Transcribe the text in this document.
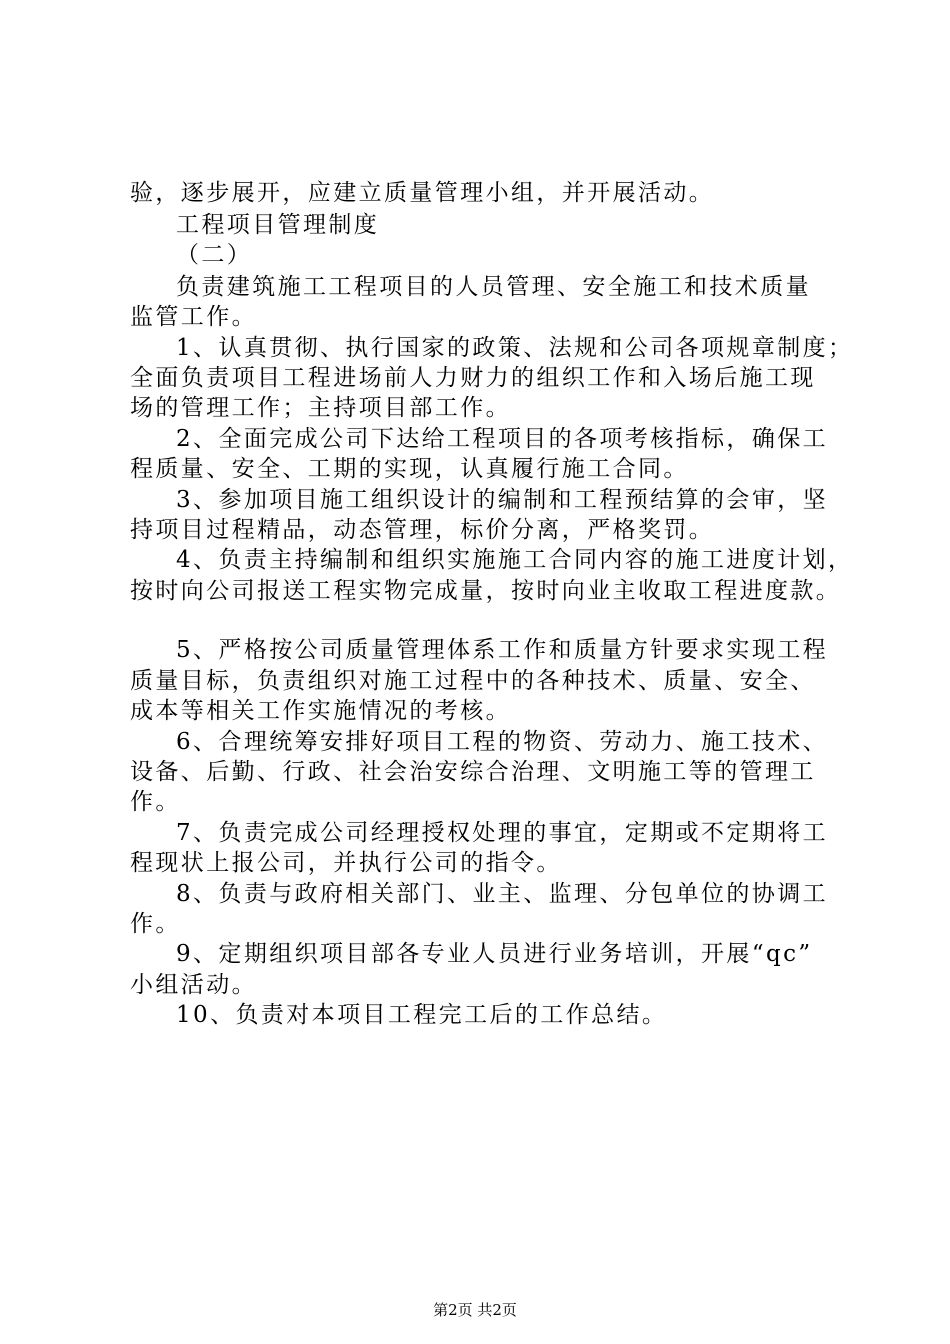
验，逐步展开，应建立质量管理小组，并开展活动。
工程项目管理制度
（二）
负责建筑施工工程项目的人员管理、安全施工和技术质量
监管工作。
1、认真贯彻、执行国家的政策、法规和公司各项规章制度；
全面负责项目工程进场前人力财力的组织工作和入场后施工现
场的管理工作；主持项目部工作。
2、全面完成公司下达给工程项目的各项考核指标，确保工
程质量、安全、工期的实现，认真履行施工合同。
3、参加项目施工组织设计的编制和工程预结算的会审，坚
持项目过程精品，动态管理，标价分离，严格奖罚。
4、负责主持编制和组织实施施工合同内容的施工进度计划，
按时向公司报送工程实物完成量，按时向业主收取工程进度款。
5、严格按公司质量管理体系工作和质量方针要求实现工程
质量目标，负责组织对施工过程中的各种技术、质量、安全、
成本等相关工作实施情况的考核。
6、合理统筹安排好项目工程的物资、劳动力、施工技术、
设备、后勤、行政、社会治安综合治理、文明施工等的管理工
作。
7、负责完成公司经理授权处理的事宜，定期或不定期将工
程现状上报公司，并执行公司的指令。
8、负责与政府相关部门、业主、监理、分包单位的协调工
作。
9、定期组织项目部各专业人员进行业务培训，开展“qc”
小组活动。
10、负责对本项目工程完工后的工作总结。
第2页 共2页
